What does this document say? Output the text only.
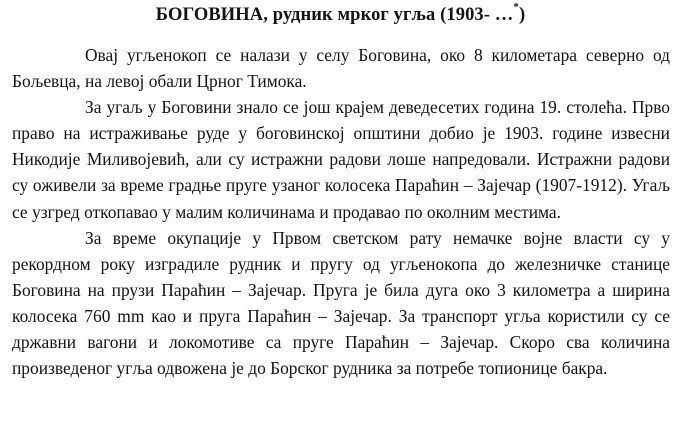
БОГОВИНА, рудник мрког угља (1903- …*)

Овај угљенокоп се налази у селу Боговина, око 8 километара северно од Бољевца, на левој обали Црног Тимока.

За угаљ у Боговини знало се још крајем деведесетих година 19. столећа. Прво право на истраживање руде у боговинској општини добио је 1903. године извесни Никодије Миливојевић, али су истражни радови лоше напредовали. Истражни радови су оживели за време градње пруге узаног колосека Параћин – Зајечар (1907-1912). Угаљ се узгред откопавао у малим количинама и продавао по околним местима.

За време окупације у Првом светском рату немачке војне власти су у рекордном року изградиле рудник и пругу од угљенокопа до железничке станице Боговина на прузи Параћин – Зајечар. Пруга је била дуга око 3 километра а ширина колосека 760 mm као и пруга Параћин – Зајечар. За транспорт угља користили су се државни вагони и локомотиве са пруге Параћин – Зајечар. Скоро сва количина произведеног угља одвожена је до Борског рудника за потребе топионице бакра.
